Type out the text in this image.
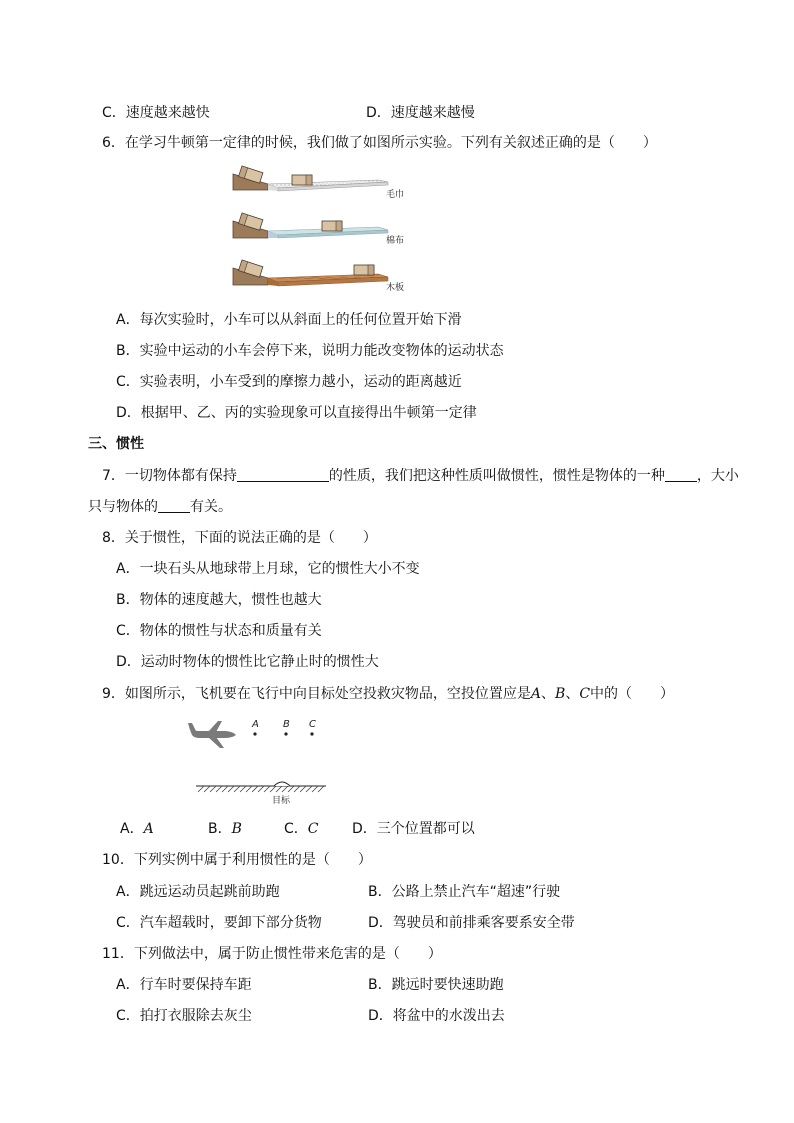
C．速度越来越快	D．速度越来越慢
6．在学习牛顿第一定律的时候，我们做了如图所示实验。下列有关叙述正确的是（　　）
毛巾
棉布
木板
A．每次实验时，小车可以从斜面上的任何位置开始下滑
B．实验中运动的小车会停下来，说明力能改变物体的运动状态
C．实验表明，小车受到的摩擦力越小，运动的距离越近
D．根据甲、乙、丙的实验现象可以直接得出牛顿第一定律
三、惯性
7．一切物体都有保持	的性质，我们把这种性质叫做惯性，惯性是物体的一种 ，大小
只与物体的 有关。
8．关于惯性，下面的说法正确的是（　　）
A．一块石头从地球带上月球，它的惯性大小不变
B．物体的速度越大，惯性也越大
C．物体的惯性与状态和质量有关
D．运动时物体的惯性比它静止时的惯性大
9．如图所示，飞机要在飞行中向目标处空投救灾物品，空投位置应是A、B、C中的（　　）
A B C
目标
A．A	B．B	C．C D．三个位置都可以
10．下列实例中属于利用惯性的是（　　）
A．跳远运动员起跳前助跑	B．公路上禁止汽车“超速”行驶
C．汽车超载时，要卸下部分货物	D．驾驶员和前排乘客要系安全带
11．下列做法中，属于防止惯性带来危害的是（　　）
A．行车时要保持车距	B．跳远时要快速助跑
C．拍打衣服除去灰尘	D．将盆中的水泼出去
